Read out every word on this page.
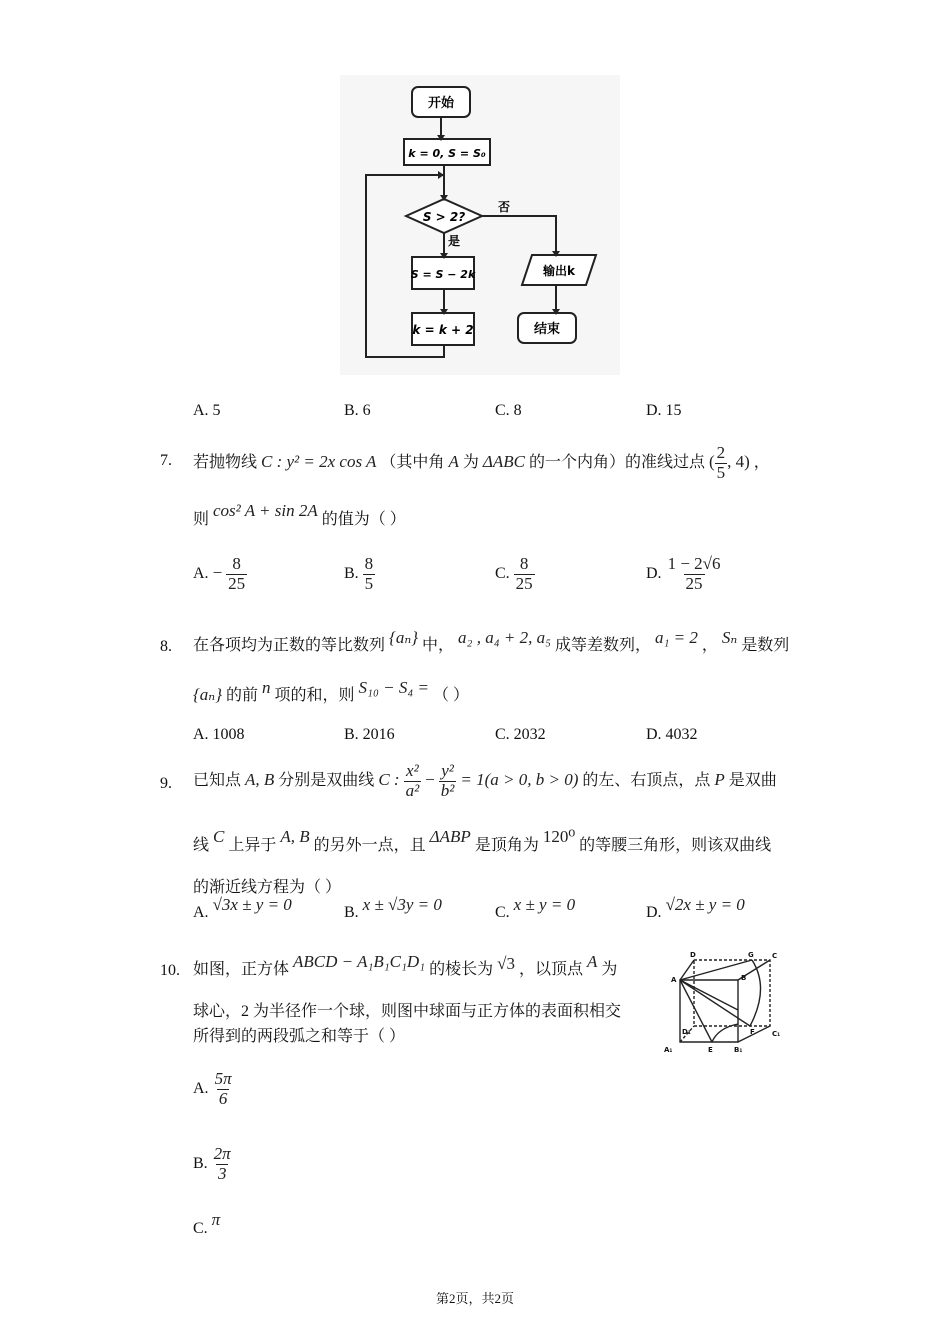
开始
k = 0, S = S₀
S > 2?
否
是
S = S − 2k
k = k + 2
输出k
结束
A. 5	B. 6	C. 8	D. 15
7. 若抛物线 C : y² = 2x cos A （其中角 A 为 ΔABC 的一个内角）的准线过点 ( $\frac{2}{5}$ , 4) ，
则 cos² A + sin 2A 的值为（ ）
A. − $\frac{8}{25}$	B. $\frac{8}{5}$	C. $\frac{8}{25}$	D. $\frac{1 - 2√6}{25}$
8. 在各项均为正数的等比数列 {aₙ} 中， a₂ , a₄ + 2, a₅ 成等差数列， a₁ = 2 ， Sₙ 是数列
{aₙ} 的前 n 项的和，则 S₁₀ − S₄ = （ ）
A. 1008	B. 2016	C. 2032	D. 4032
9. 已知点 A, B 分别是双曲线 C : $\frac{\text{x²}}{\text{a²}} - \frac{\text{y²}}{\text{b²}} = 1(a > 0$, b > 0) 的左、右顶点，点 P 是双曲
线 C 上异于 A, B 的另外一点，且 ΔABP 是顶角为 120⁰ 的等腰三角形，则该双曲线
的渐近线方程为（ ）
A. √3x ± y = 0	B. x ± √3y = 0	C. x ± y = 0	D. √2x ± y = 0
10. 如图，正方体 ABCD − A₁B₁C₁D₁ 的棱长为 √3 ，以顶点 A 为
球心，2 为半径作一个球，则图中球面与正方体的表面积相交
所得到的两段弧之和等于（ ）
D	G	C
A	B
D₁	F C₁
A₁	E	B₁
A. $\frac{5\pi}{6}$
B. $\frac{2\pi}{3}$
C. π
第2页，共2页
